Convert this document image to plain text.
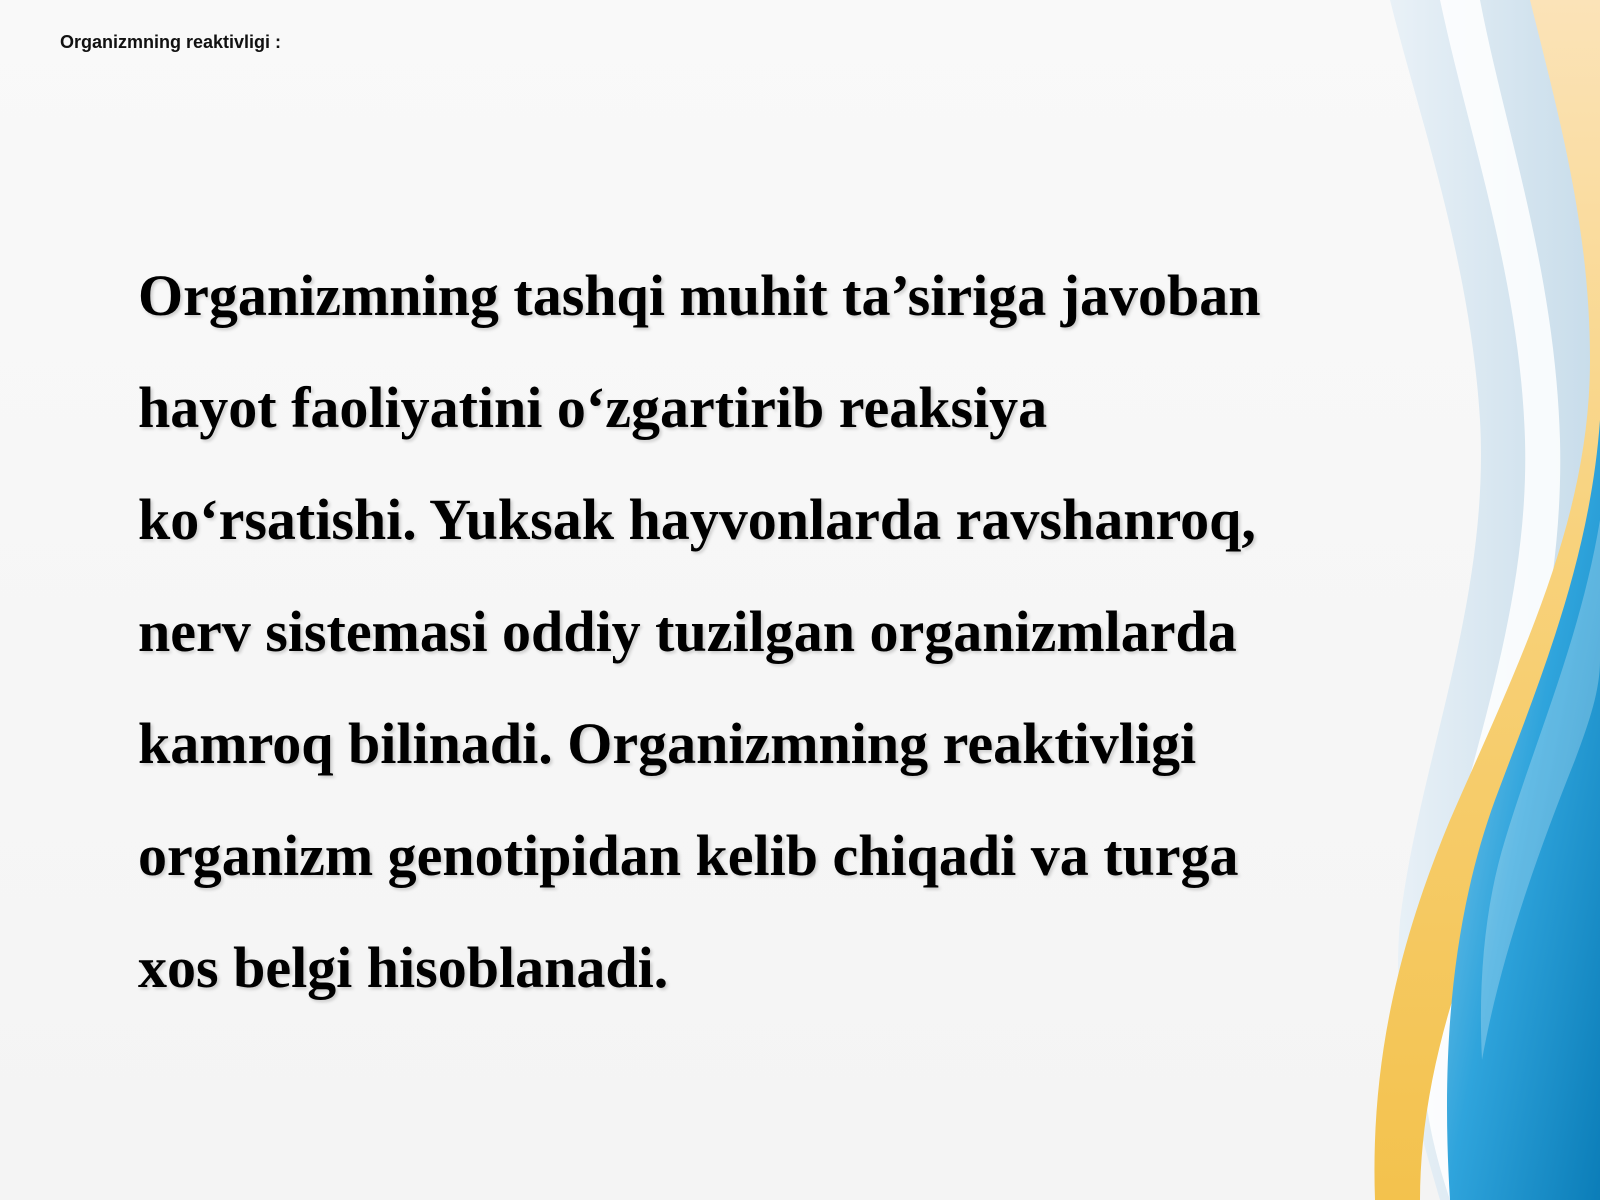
Organizmning reaktivligi :

Organizmning tashqi muhit ta’siriga javoban
hayot faoliyatini o‘zgartirib reaksiya
ko‘rsatishi. Yuksak hayvonlarda ravshanroq,
nerv sistemasi oddiy tuzilgan organizmlarda
kamroq bilinadi. Organizmning reaktivligi
organizm genotipidan kelib chiqadi va turga
xos belgi hisoblanadi.
